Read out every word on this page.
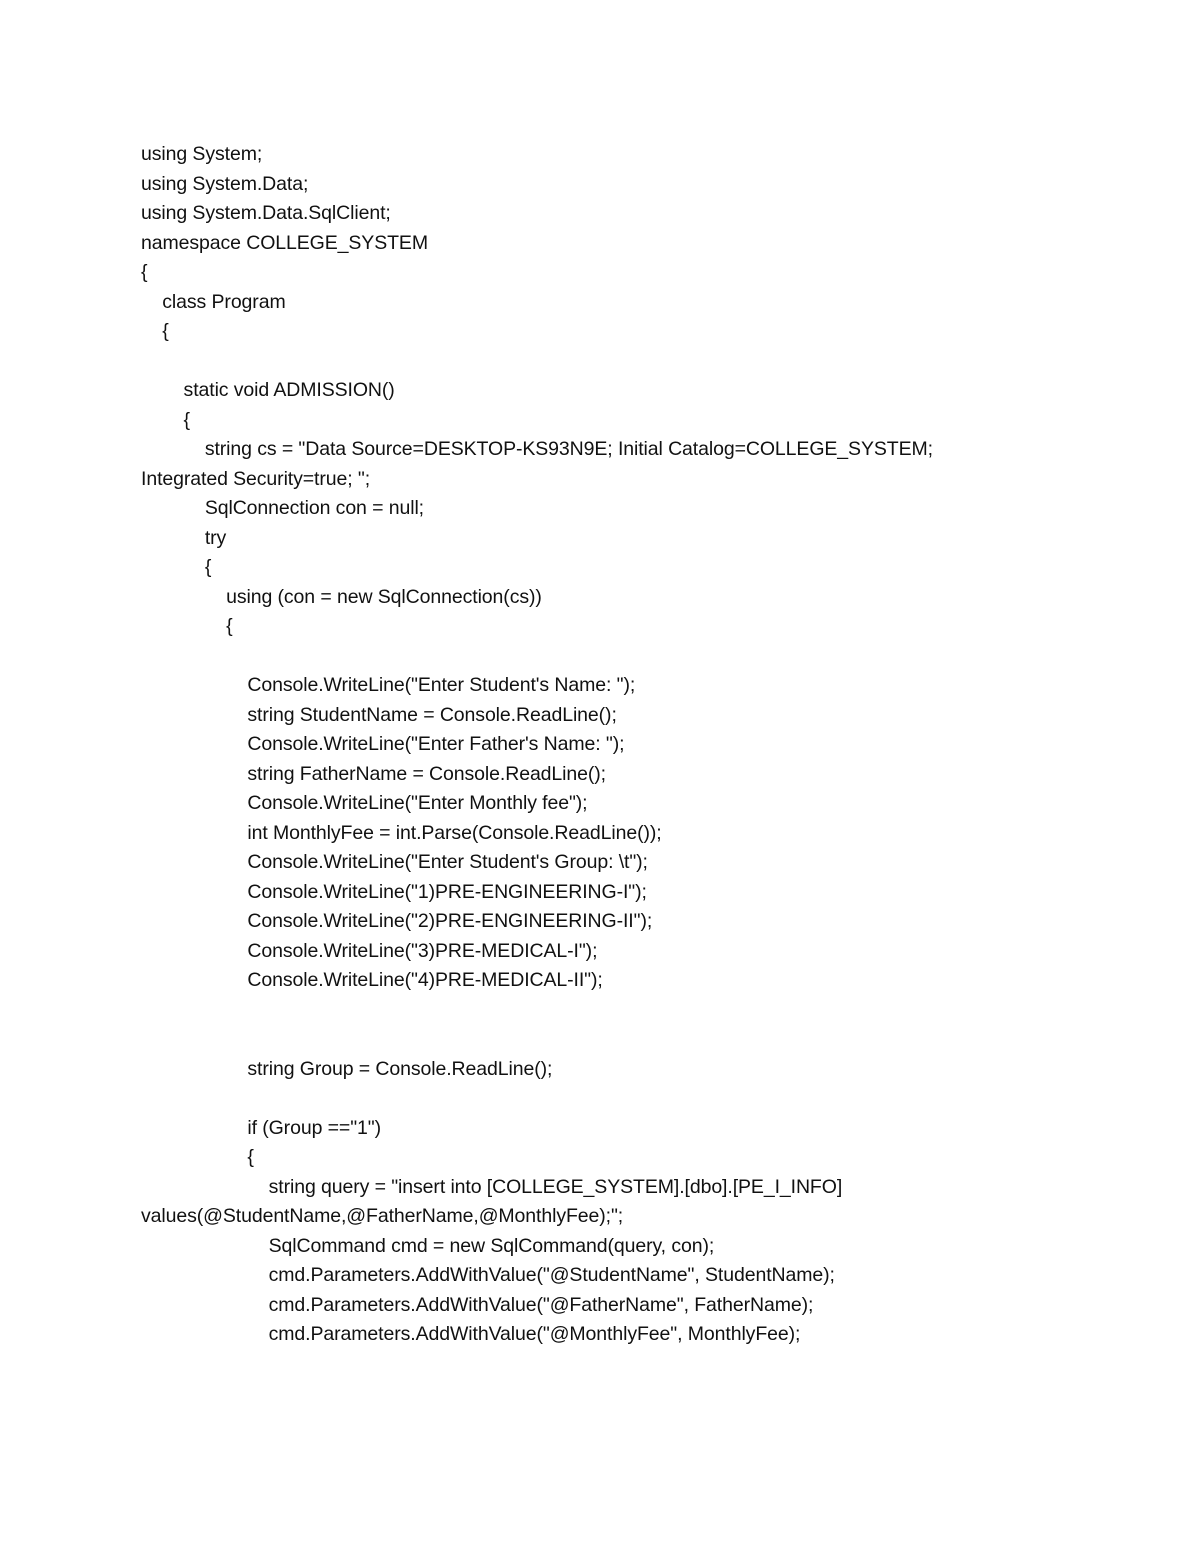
using System;
using System.Data;
using System.Data.SqlClient;
namespace COLLEGE_SYSTEM
{
class Program
{
static void ADMISSION()
{
string cs = "Data Source=DESKTOP-KS93N9E; Initial Catalog=COLLEGE_SYSTEM;
Integrated Security=true; ";
SqlConnection con = null;
try
{
using (con = new SqlConnection(cs))
{
Console.WriteLine("Enter Student's Name: ");
string StudentName = Console.ReadLine();
Console.WriteLine("Enter Father's Name: ");
string FatherName = Console.ReadLine();
Console.WriteLine("Enter Monthly fee");
int MonthlyFee = int.Parse(Console.ReadLine());
Console.WriteLine("Enter Student's Group: \t");
Console.WriteLine("1)PRE-ENGINEERING-I");
Console.WriteLine("2)PRE-ENGINEERING-II");
Console.WriteLine("3)PRE-MEDICAL-I");
Console.WriteLine("4)PRE-MEDICAL-II");
string Group = Console.ReadLine();
if (Group =="1")
{
string query = "insert into [COLLEGE_SYSTEM].[dbo].[PE_I_INFO]
values(@StudentName,@FatherName,@MonthlyFee);";
SqlCommand cmd = new SqlCommand(query, con);
cmd.Parameters.AddWithValue("@StudentName", StudentName);
cmd.Parameters.AddWithValue("@FatherName", FatherName);
cmd.Parameters.AddWithValue("@MonthlyFee", MonthlyFee);
